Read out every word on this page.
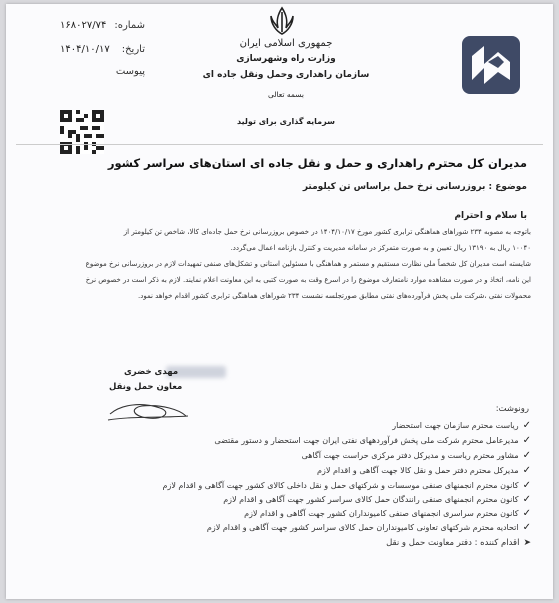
جمهوری اسلامی ایران
وزارت راه وشهرسازی
سازمان راهداری وحمل ونقل جاده ای
بسمه تعالی
سرمایه گذاری برای تولید
شماره:
۱۶۸۰۲۷/۷۴
تاریخ:
۱۴۰۴/۱۰/۱۷
پیوست
مدیران کل محترم راهداری و حمل و نقل جاده ای استان‌های سراسر کشور
موضوع : بروزرسانی نرخ حمل براساس تن کیلومتر
با سلام و احترام
باتوجه به مصوبه ۲۳۴ شوراهای هماهنگی ترابری کشور مورخ ۱۴۰۴/۱۰/۱۷ در خصوص بروزرسانی نرخ حمل جاده‌ای کالا، شاخص تن کیلومتر از
۱۰۰۴۰ ریال به ۱۳۱۹۰ ریال تعیین و به صورت متمرکز در سامانه مدیریت و کنترل بازنامه اعمال می‌گردد.
شایسته است مدیران کل شخصاً ملی نظارت مستقیم و مستمر و هماهنگی با مسئولین استانی و تشکل‌های صنفی تمهیدات لازم در بروزرسانی نرخ موضوع
این نامه، اتخاذ و در صورت مشاهده موارد نامتعارف موضوع را در اسرع وقت به صورت کتبی به این معاونت اعلام نمایند. لازم به ذکر است در خصوص نرخ
محمولات نفتی ،شرکت ملی پخش فرآورده‌های نفتی مطابق صورتجلسه نشست ۲۳۴ شوراهای هماهنگی ترابری کشور اقدام خواهد نمود.
مهدی خضری
معاون حمل ونقل
رونوشت:
✓ریاست محترم سازمان جهت استحضار
✓مدیرعامل محترم شرکت ملی پخش فرآوردههای نفتی ایران جهت استحضار و دستور مقتضی
✓مشاور محترم ریاست و مدیرکل دفتر مرکزی حراست جهت آگاهی
✓مدیرکل محترم دفتر حمل و نقل کالا جهت آگاهی و اقدام لازم
✓کانون محترم انجمنهای صنفی موسسات و شرکتهای حمل و نقل داخلی کالای کشور جهت آگاهی و اقدام لازم
✓کانون محترم انجمنهای صنفی رانندگان حمل کالای سراسر کشور جهت آگاهی و اقدام لازم
✓کانون محترم سراسری انجمنهای صنفی کامیونداران کشور جهت آگاهی و اقدام لازم
✓اتحادیه محترم شرکتهای تعاونی کامیونداران حمل کالای سراسر کشور جهت آگاهی و اقدام لازم
➤اقدام کننده : دفتر معاونت حمل و نقل
